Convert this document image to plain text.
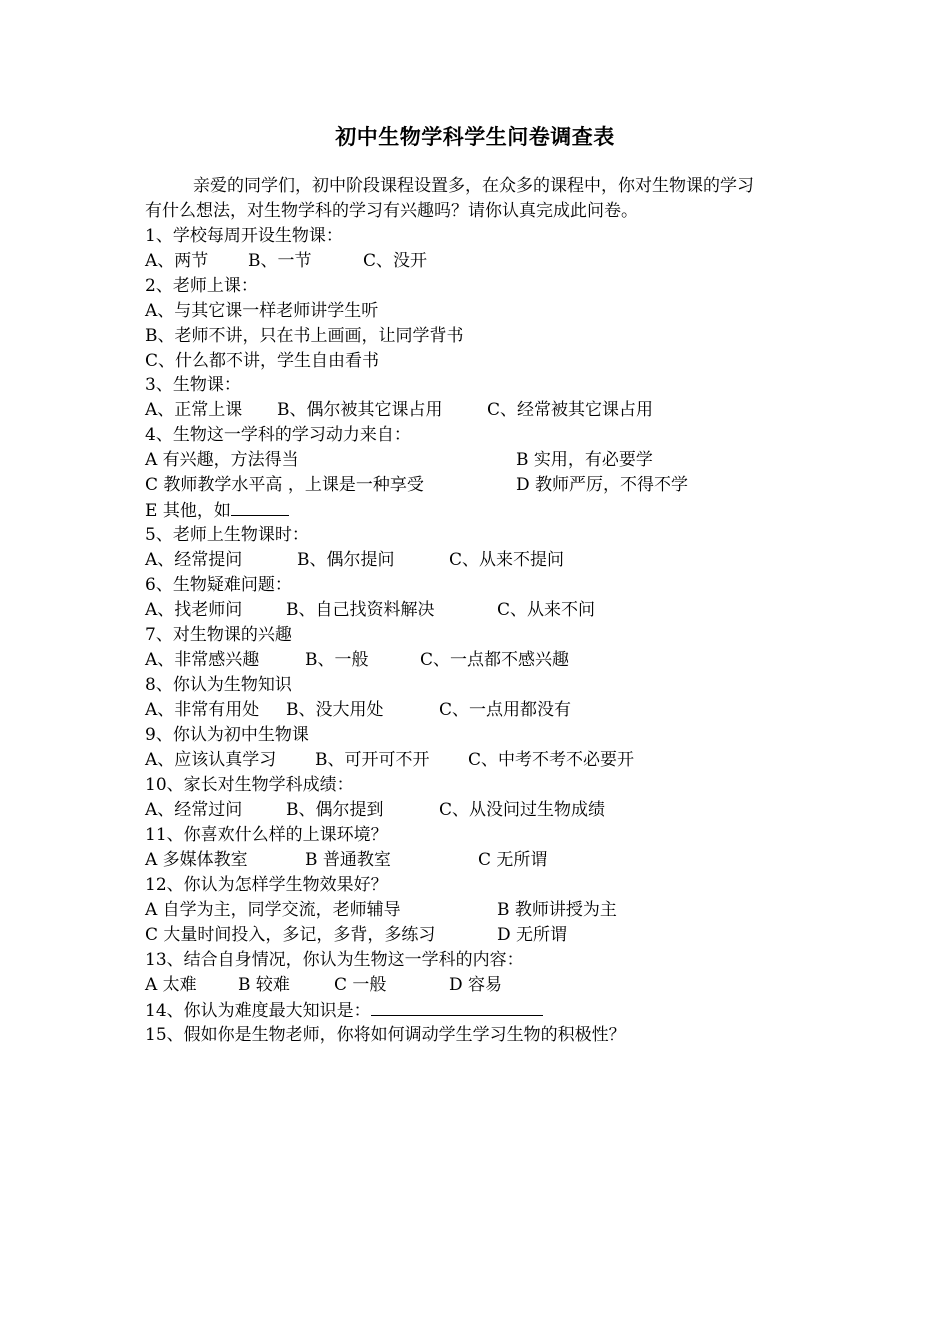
初中生物学科学生问卷调查表
亲爱的同学们，初中阶段课程设置多，在众多的课程中，你对生物课的学习
有什么想法，对生物学科的学习有兴趣吗？请你认真完成此问卷。
1、学校每周开设生物课：
A、两节 B、一节	C、没开
2、老师上课：
A、与其它课一样老师讲学生听
B、老师不讲，只在书上画画，让同学背书
C、什么都不讲，学生自由看书
3、生物课：
A、正常上课 B、偶尔被其它课占用	C、经常被其它课占用
4、生物这一学科的学习动力来自：
A 有兴趣，方法得当	B 实用，有必要学
C 教师教学水平高 ，上课是一种享受	D 教师严厉，不得不学
E 其他，如
5、老师上生物课时：
A、经常提问	B、偶尔提问	C、从来不提问
6、生物疑难问题：
A、找老师问	B、自己找资料解决	C、从来不问
7、对生物课的兴趣
A、非常感兴趣	B、一般	C、一点都不感兴趣
8、你认为生物知识
A、非常有用处 B、没大用处	C、一点用都没有
9、你认为初中生物课
A、应该认真学习 B、可开可不开 C、中考不考不必要开
10、家长对生物学科成绩：
A、经常过问	B、偶尔提到	C、从没问过生物成绩
11、你喜欢什么样的上课环境？
A 多媒体教室	B 普通教室	C 无所谓
12、你认为怎样学生物效果好？
A 自学为主，同学交流，老师辅导	B 教师讲授为主
C 大量时间投入，多记，多背，多练习	D 无所谓
13、结合自身情况，你认为生物这一学科的内容：
A 太难 B 较难	C 一般	D 容易
14、你认为难度最大知识是：
15、假如你是生物老师，你将如何调动学生学习生物的积极性？
